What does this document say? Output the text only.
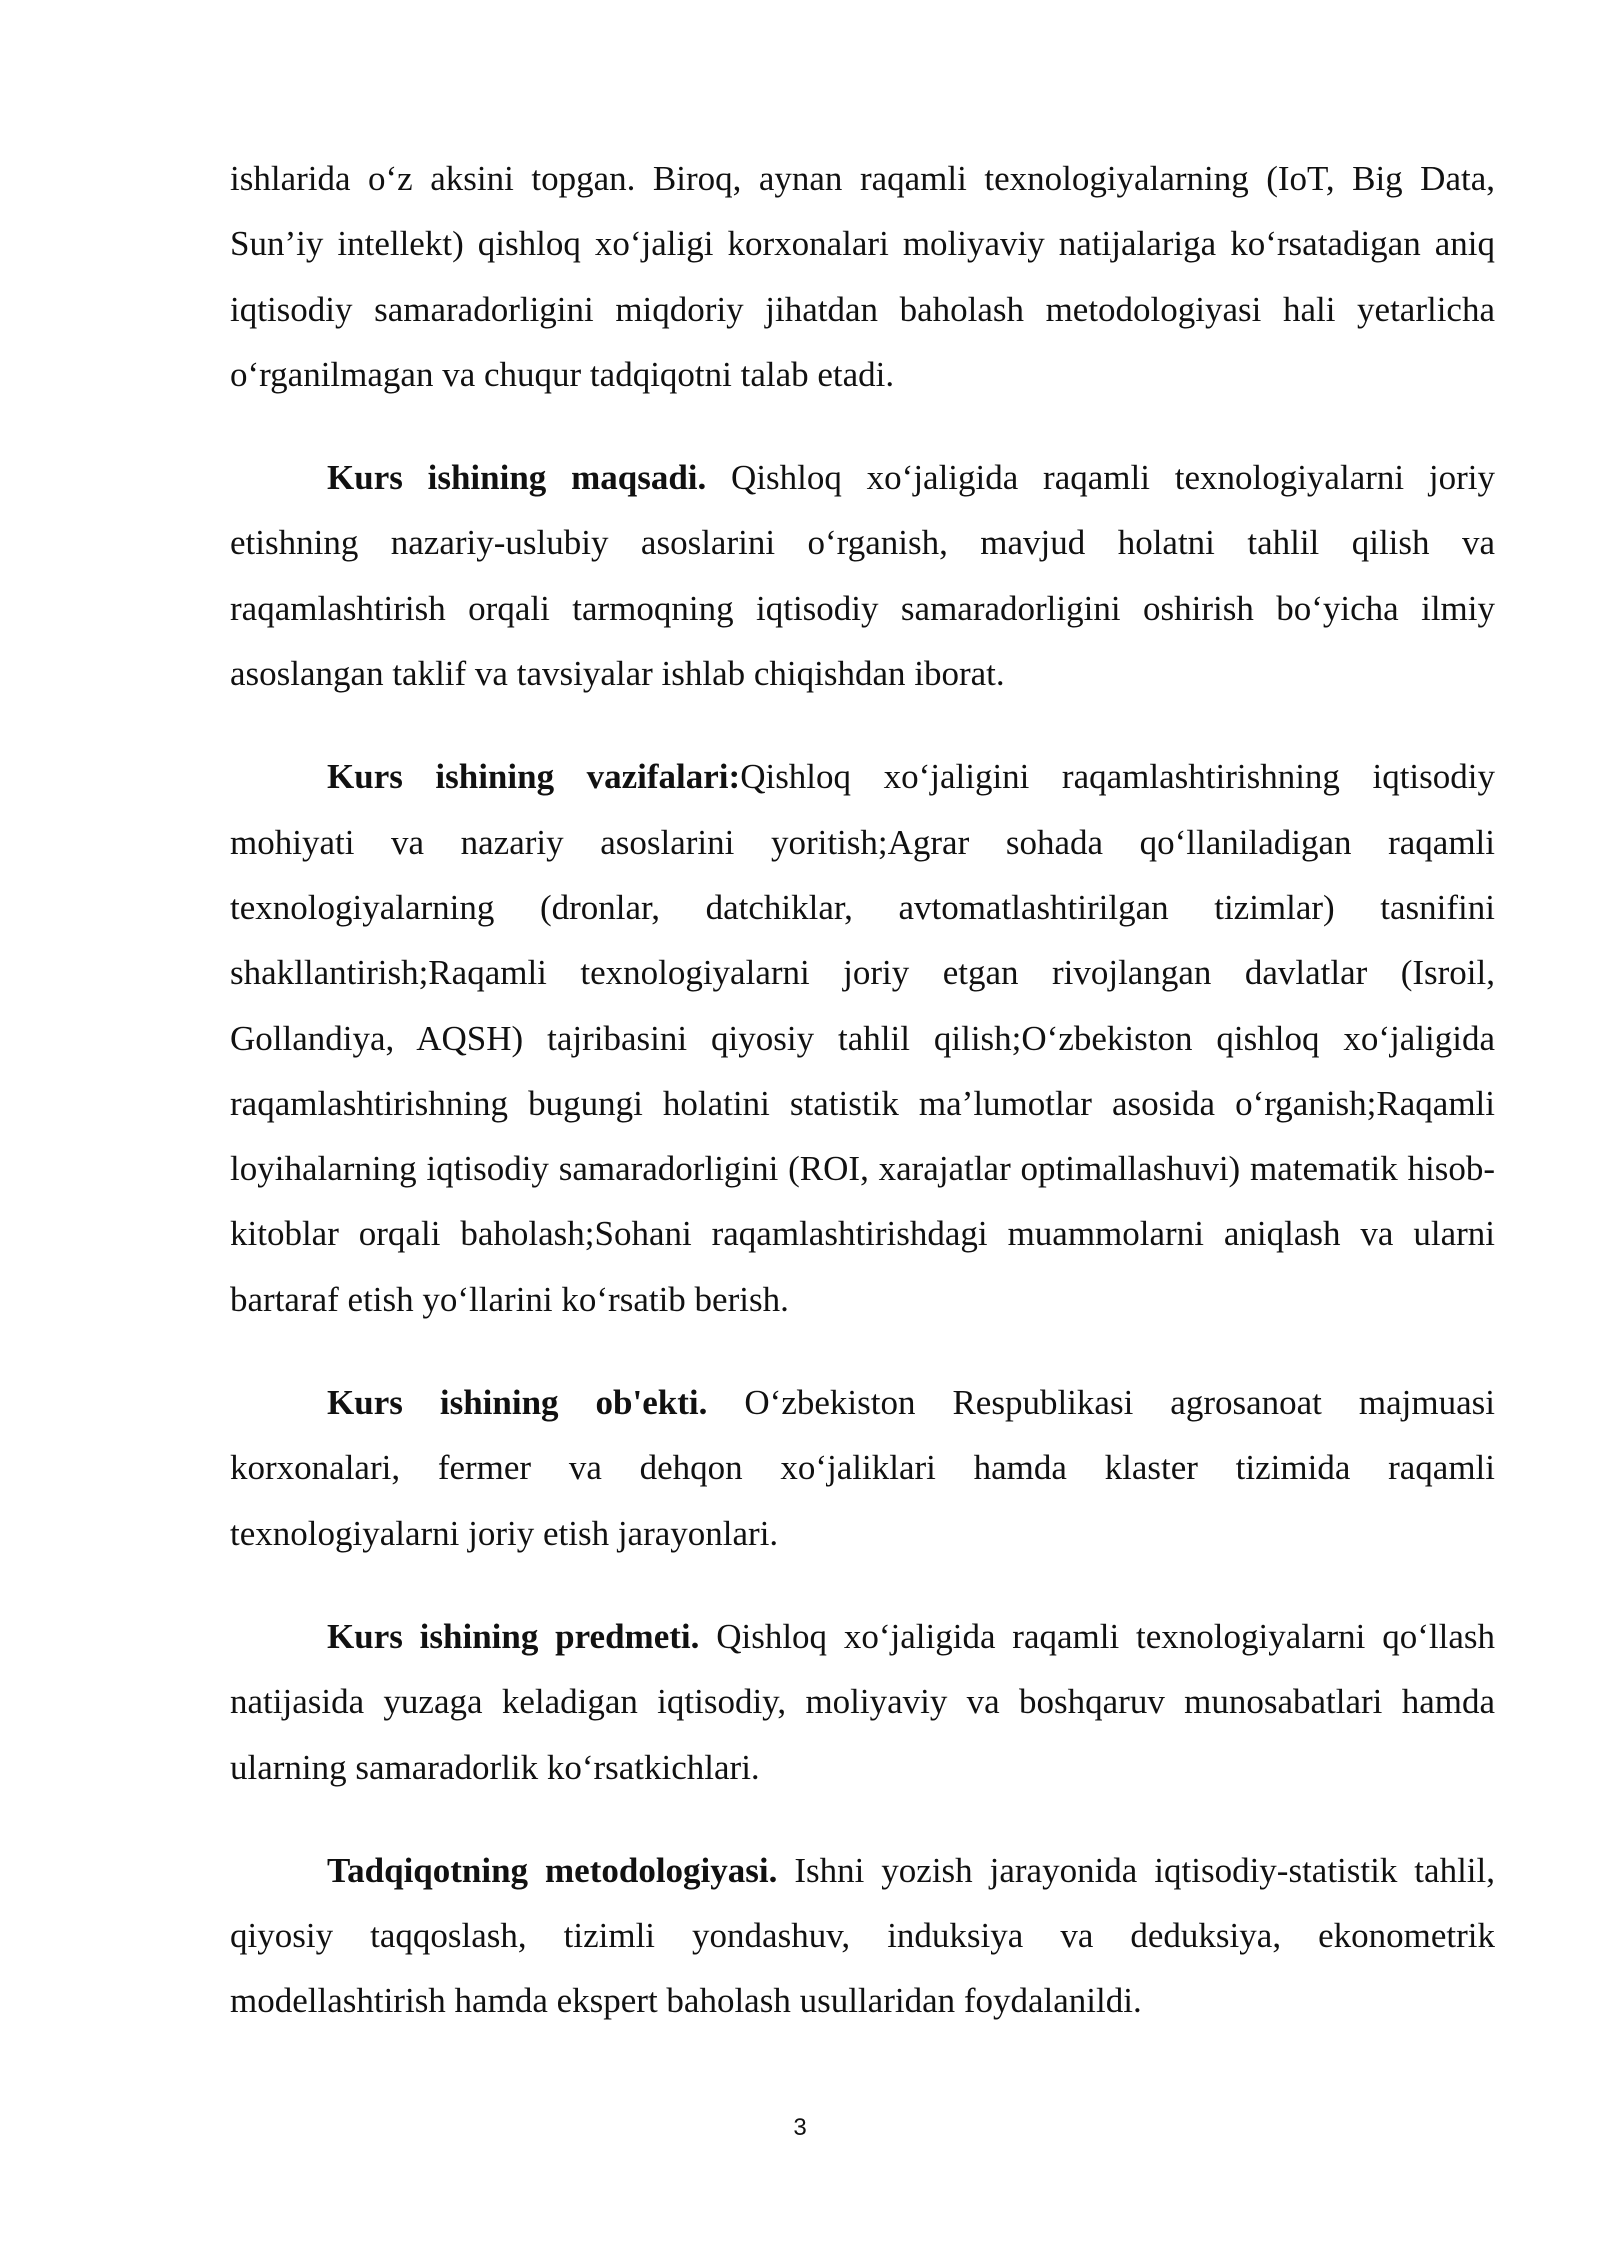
ishlarida o‘z aksini topgan. Biroq, aynan raqamli texnologiyalarning (IoT, Big Data, Sun’iy intellekt) qishloq xo‘jaligi korxonalari moliyaviy natijalariga ko‘rsatadigan aniq iqtisodiy samaradorligini miqdoriy jihatdan baholash metodologiyasi hali yetarlicha o‘rganilmagan va chuqur tadqiqotni talab etadi.

Kurs ishining maqsadi. Qishloq xo‘jaligida raqamli texnologiyalarni joriy etishning nazariy-uslubiy asoslarini o‘rganish, mavjud holatni tahlil qilish va raqamlashtirish orqali tarmoqning iqtisodiy samaradorligini oshirish bo‘yicha ilmiy asoslangan taklif va tavsiyalar ishlab chiqishdan iborat.

Kurs ishining vazifalari:Qishloq xo‘jaligini raqamlashtirishning iqtisodiy mohiyati va nazariy asoslarini yoritish;Agrar sohada qo‘llaniladigan raqamli texnologiyalarning (dronlar, datchiklar, avtomatlashtirilgan tizimlar) tasnifini shakllantirish;Raqamli texnologiyalarni joriy etgan rivojlangan davlatlar (Isroil, Gollandiya, AQSH) tajribasini qiyosiy tahlil qilish;O‘zbekiston qishloq xo‘jaligida raqamlashtirishning bugungi holatini statistik ma’lumotlar asosida o‘rganish;Raqamli loyihalarning iqtisodiy samaradorligini (ROI, xarajatlar optimallashuvi) matematik hisob-kitoblar orqali baholash;Sohani raqamlashtirishdagi muammolarni aniqlash va ularni bartaraf etish yo‘llarini ko‘rsatib berish.

Kurs ishining ob'ekti. O‘zbekiston Respublikasi agrosanoat majmuasi korxonalari, fermer va dehqon xo‘jaliklari hamda klaster tizimida raqamli texnologiyalarni joriy etish jarayonlari.

Kurs ishining predmeti. Qishloq xo‘jaligida raqamli texnologiyalarni qo‘llash natijasida yuzaga keladigan iqtisodiy, moliyaviy va boshqaruv munosabatlari hamda ularning samaradorlik ko‘rsatkichlari.

Tadqiqotning metodologiyasi. Ishni yozish jarayonida iqtisodiy-statistik tahlil, qiyosiy taqqoslash, tizimli yondashuv, induksiya va deduksiya, ekonometrik modellashtirish hamda ekspert baholash usullaridan foydalanildi.

3
